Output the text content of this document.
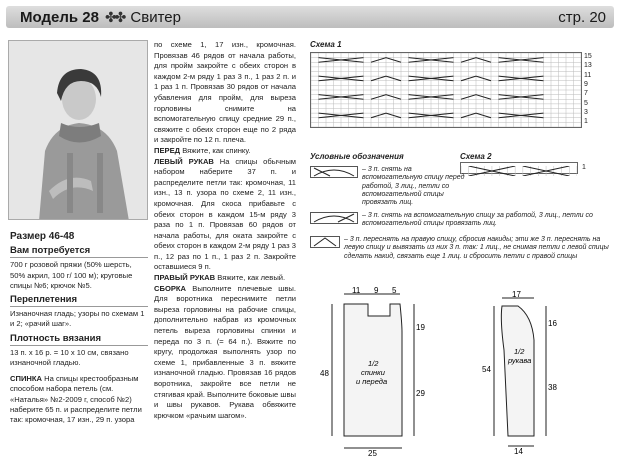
Модель 28 ✤✤ Свитер	стр. 20
Размер 46-48
Вам потребуется

700 г розовой пряжи (50% шерсть, 50% акрил, 100 г/ 100 м); круговые спицы №6; крючок №5.

Переплетения

Изнаночная гладь; узоры по схемам 1 и 2; «рачий шаг».

Плотность вязания

13 п. х 16 р. = 10 х 10 см, связано изнаночной гладью.

СПИНКА На спицы крестообразным способом набора петель (см. «Наталья» №2-2009 г, способ №2) наберите 65 п. и распределите петли так: кромочная, 17 изн., 29 п. узора

по схеме 1, 17 изн., кромочная. Провязав 46 рядов от начала работы, для пройм закройте с обеих сторон в каждом 2-м ряду 1 раз 3 п., 1 раз 2 п. и 1 раз 1 п. Провязав 30 рядов от начала убавления для пройм, для выреза горловины снимите на вспомогательную спицу средние 29 п., свяжите с обеих сторон еще по 2 ряда и закройте по 12 п. плеча.

ПЕРЕД Вяжите, как спинку.

ЛЕВЫЙ РУКАВ На спицы обычным набором наберите 37 п. и распределите петли так: кромочная, 11 изн., 13 п. узора по схеме 2, 11 изн., кромочная. Для скоса прибавьте с обеих сторон в каждом 15-м ряду 3 раза по 1 п. Провязав 60 рядов от начала работы, для оката закройте с обеих сторон в каждом 2-м ряду 1 раз 3 п., 12 раз по 1 п., 1 раз 2 п. Закройте оставшиеся 9 п.

ПРАВЫЙ РУКАВ Вяжите, как левый.

СБОРКА Выполните плечевые швы. Для воротника переснимите петли выреза горловины на рабочие спицы, дополнительно набрав из кромочных петель выреза горловины спинки и переда по 3 п. (= 64 п.). Вяжите по кругу, продолжая выполнять узор по схеме 1, прибавленные 3 п. вяжите изнаночной гладью. Провязав 16 рядов воротника, закройте все петли не стягивая край. Выполните боковые швы и швы рукавов. Рукава обвяжите крючком «рачьим шагом».

Схема 1
15
13
11
9
7
5
3
1
Условные обозначения	Схема 2
1
– 3 п. снять на вспомогательную спицу перед работой, 3 лиц., петли со вспомогательной спицы провязать лиц.
– 3 п. снять на вспомогательную спицу за работой, 3 лиц., петли со вспомогательной спицы провязать лиц.
– 3 п. переснять на правую спицу, сбросив накиды; эти же 3 п. переснять на левую спицу и вывязать из них 3 п. так: 1 лиц., не снимая петли с левой спицы сделать накид, связать еще 1 лиц. и сбросить петли с правой спицы
11 9 5
48
19
29
25
1/2
спинки
и переда
17
54
16
38
14
1/2
рукава
